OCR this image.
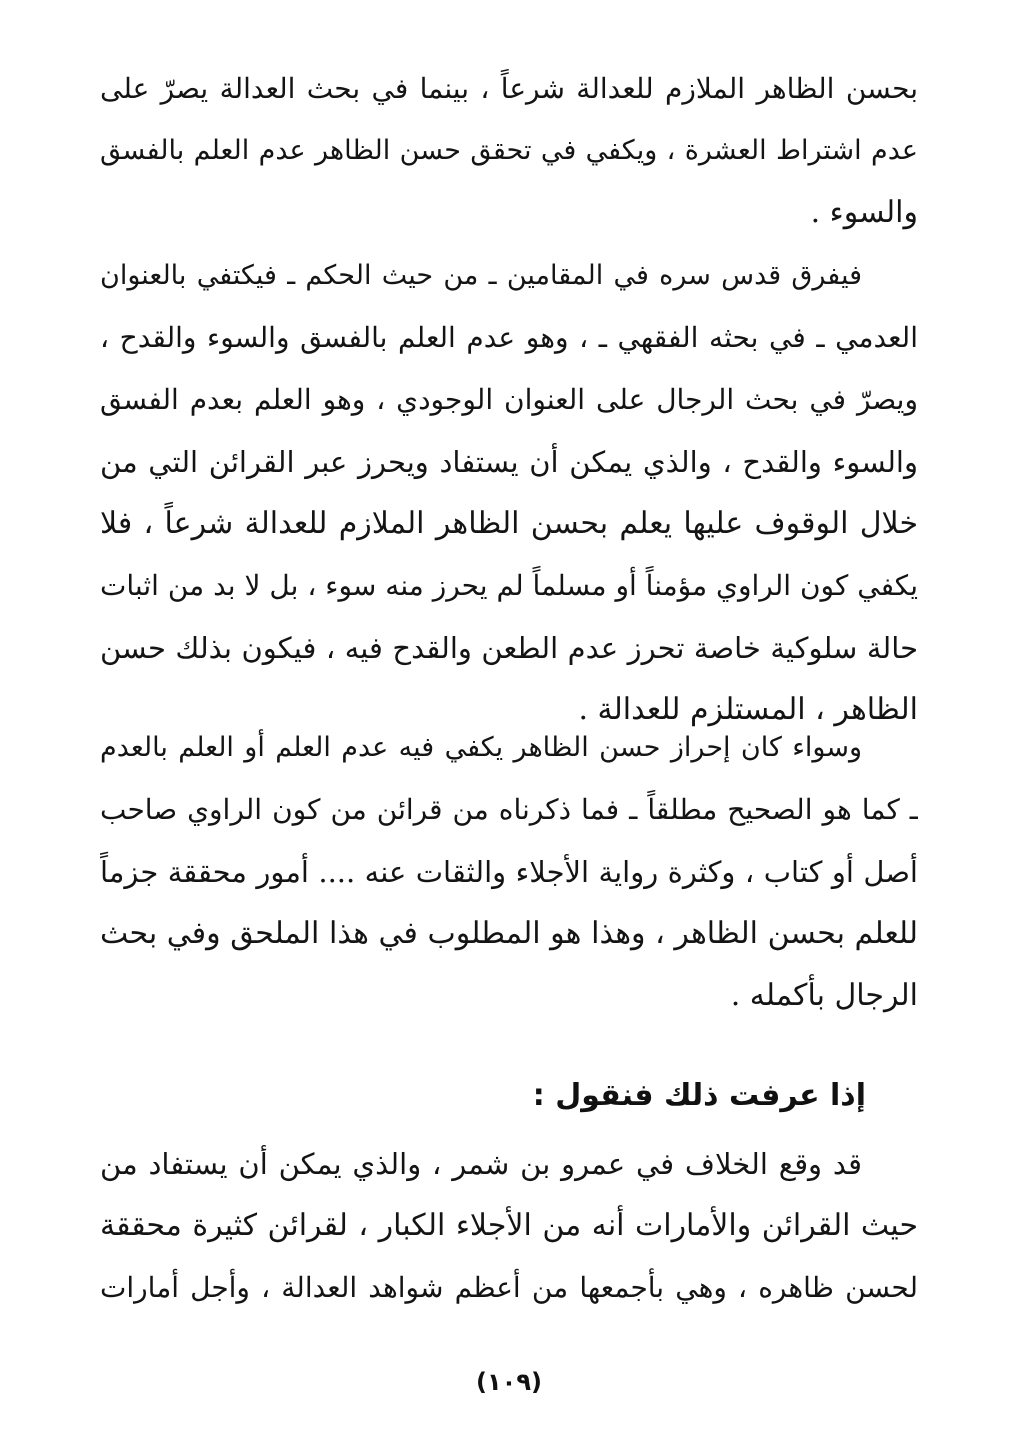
بحسن الظاهر الملازم للعدالة شرعاً ، بينما في بحث العدالة يصرّ على
عدم اشتراط العشرة ، ويكفي في تحقق حسن الظاهر عدم العلم بالفسق
والسوء .
فيفرق قدس سره في المقامين ـ من حيث الحكم ـ فيكتفي بالعنوان
العدمي ـ في بحثه الفقهي ـ ، وهو عدم العلم بالفسق والسوء والقدح ،
ويصرّ في بحث الرجال على العنوان الوجودي ، وهو العلم بعدم الفسق
والسوء والقدح ، والذي يمكن أن يستفاد ويحرز عبر القرائن التي من
خلال الوقوف عليها يعلم بحسن الظاهر الملازم للعدالة شرعاً ، فلا
يكفي كون الراوي مؤمناً أو مسلماً لم يحرز منه سوء ، بل لا بد من اثبات
حالة سلوكية خاصة تحرز عدم الطعن والقدح فيه ، فيكون بذلك حسن
الظاهر ، المستلزم للعدالة .
وسواء كان إحراز حسن الظاهر يكفي فيه عدم العلم أو العلم بالعدم
ـ كما هو الصحيح مطلقاً ـ فما ذكرناه من قرائن من كون الراوي صاحب
أصل أو كتاب ، وكثرة رواية الأجلاء والثقات عنه .... أمور محققة جزماً
للعلم بحسن الظاهر ، وهذا هو المطلوب في هذا الملحق وفي بحث
الرجال بأكمله .
إذا عرفت ذلك فنقول :
قد وقع الخلاف في عمرو بن شمر ، والذي يمكن أن يستفاد من
حيث القرائن والأمارات أنه من الأجلاء الكبار ، لقرائن كثيرة محققة
لحسن ظاهره ، وهي بأجمعها من أعظم شواهد العدالة ، وأجل أمارات
(١٠٩)
